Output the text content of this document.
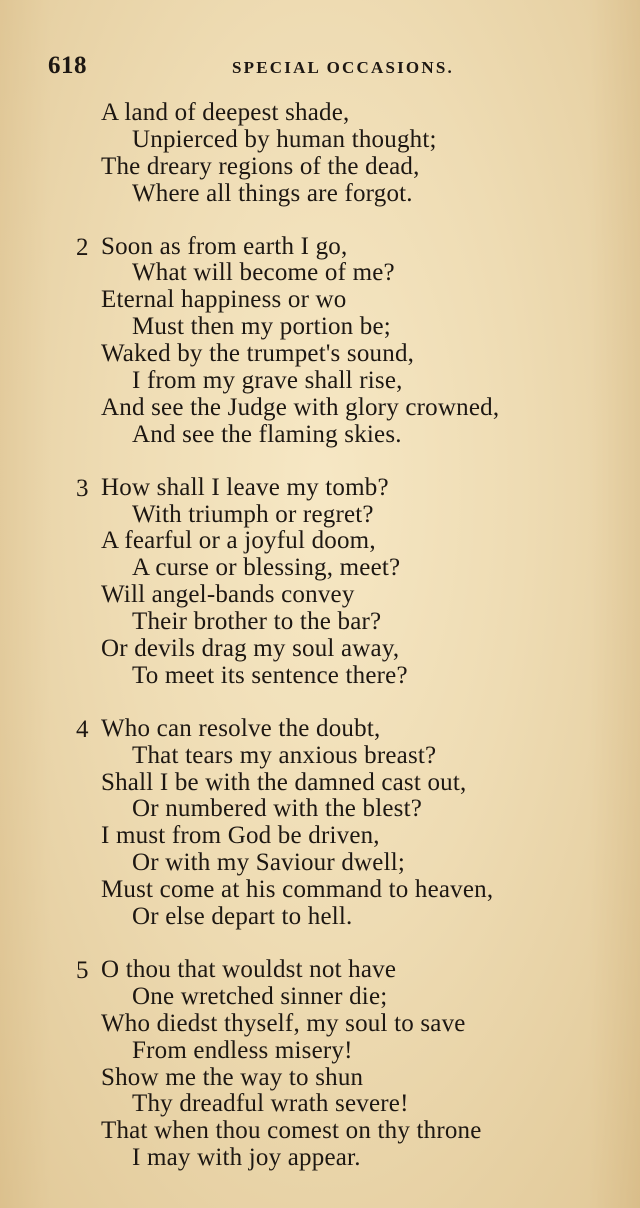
618	SPECIAL OCCASIONS.
A land of deepest shade,
Unpierced by human thought;
The dreary regions of the dead,
Where all things are forgot.
2 Soon as from earth I go,
What will become of me?
Eternal happiness or wo
Must then my portion be;
Waked by the trumpet's sound,
I from my grave shall rise,
And see the Judge with glory crowned,
And see the flaming skies.
3 How shall I leave my tomb?
With triumph or regret?
A fearful or a joyful doom,
A curse or blessing, meet?
Will angel-bands convey
Their brother to the bar?
Or devils drag my soul away,
To meet its sentence there?
4 Who can resolve the doubt,
That tears my anxious breast?
Shall I be with the damned cast out,
Or numbered with the blest?
I must from God be driven,
Or with my Saviour dwell;
Must come at his command to heaven,
Or else depart to hell.
5 O thou that wouldst not have
One wretched sinner die;
Who diedst thyself, my soul to save
From endless misery!
Show me the way to shun
Thy dreadful wrath severe!
That when thou comest on thy throne
I may with joy appear.
